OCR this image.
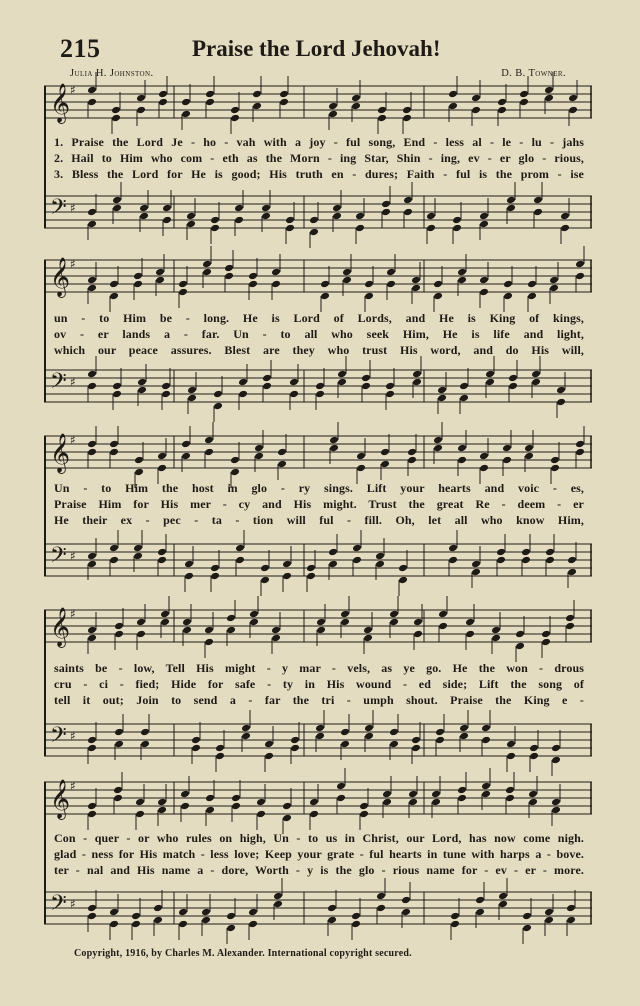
215	Praise the Lord Jehovah!
Julia H. Johnston.	D. B. Towner.
𝄞 ♯
1. Praise the Lord Je - ho - vah with a joy - ful song, End - less al - le - lu - jahs
2. Hail to Him who com - eth as the Morn - ing Star, Shin - ing, ev - er glo - rious,
3. Bless the Lord for He is good; His truth en - dures; Faith - ful is the prom - ise
𝄢 ♯
𝄞 ♯
un - to Him be - long. He is Lord of Lords, and He is King of kings,
ov - er lands a - far. Un - to all who seek Him, He is life and light,
which our peace assures. Blest are they who trust His word, and do His will,
𝄢 ♯
𝄞 ♯
Un - to Him the host in glo - ry sings. Lift your hearts and voic - es,
Praise Him for His mer - cy and His might. Trust the great Re - deem - er
He their ex - pec - ta - tion will ful - fill. Oh, let all who know Him,
𝄢 ♯
𝄞 ♯
saints be - low, Tell His might - y mar - vels, as ye go. He the won - drous
cru - ci - fied; Hide for safe - ty in His wound - ed side; Lift the song of
tell it out; Join to send a - far the tri - umph shout. Praise the King e -
𝄢 ♯
𝄞 ♯
Con - quer - or who rules on high, Un - to us in Christ, our Lord, has now come nigh.
glad - ness for His match - less love; Keep your grate - ful hearts in tune with harps a - bove.
ter - nal and His name a - dore, Worth - y is the glo - rious name for - ev - er - more.
𝄢 ♯
Copyright, 1916, by Charles M. Alexander. International copyright secured.
